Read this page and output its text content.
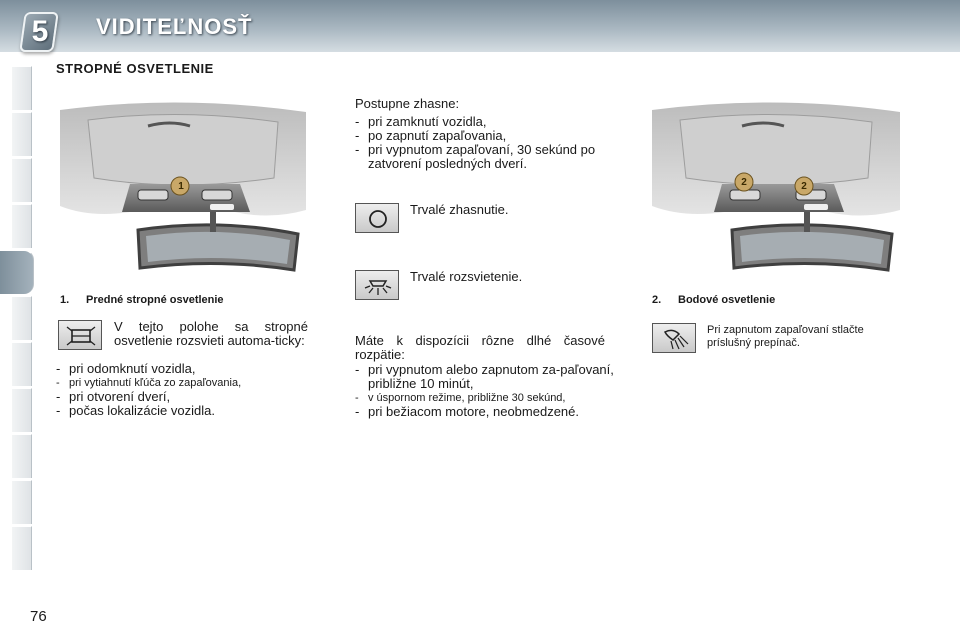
5 VIDITEĽNOSŤ
STROPNÉ OSVETLENIE
1	2	2
1. Predné stropné osvetlenie
V tejto polohe sa stropné osvetlenie rozsvieti automa-ticky:
- pri odomknutí vozidla,
- pri vytiahnutí kľúča zo zapaľovania,
- pri otvorení dverí,
- počas lokalizácie vozidla.
Postupne zhasne:
- pri zamknutí vozidla,
- po zapnutí zapaľovania,
- pri vypnutom zapaľovaní, 30 sekúnd po zatvorení posledných dverí.
Trvalé zhasnutie.
Trvalé rozsvietenie.
Máte k dispozícii rôzne dlhé časové rozpätie:
- pri vypnutom alebo zapnutom za-paľovaní, približne 10 minút,
- v úspornom režime, približne 30 sekúnd,
- pri bežiacom motore, neobmedzené.
2. Bodové osvetlenie
Pri zapnutom zapaľovaní stlačte príslušný prepínač.
76
